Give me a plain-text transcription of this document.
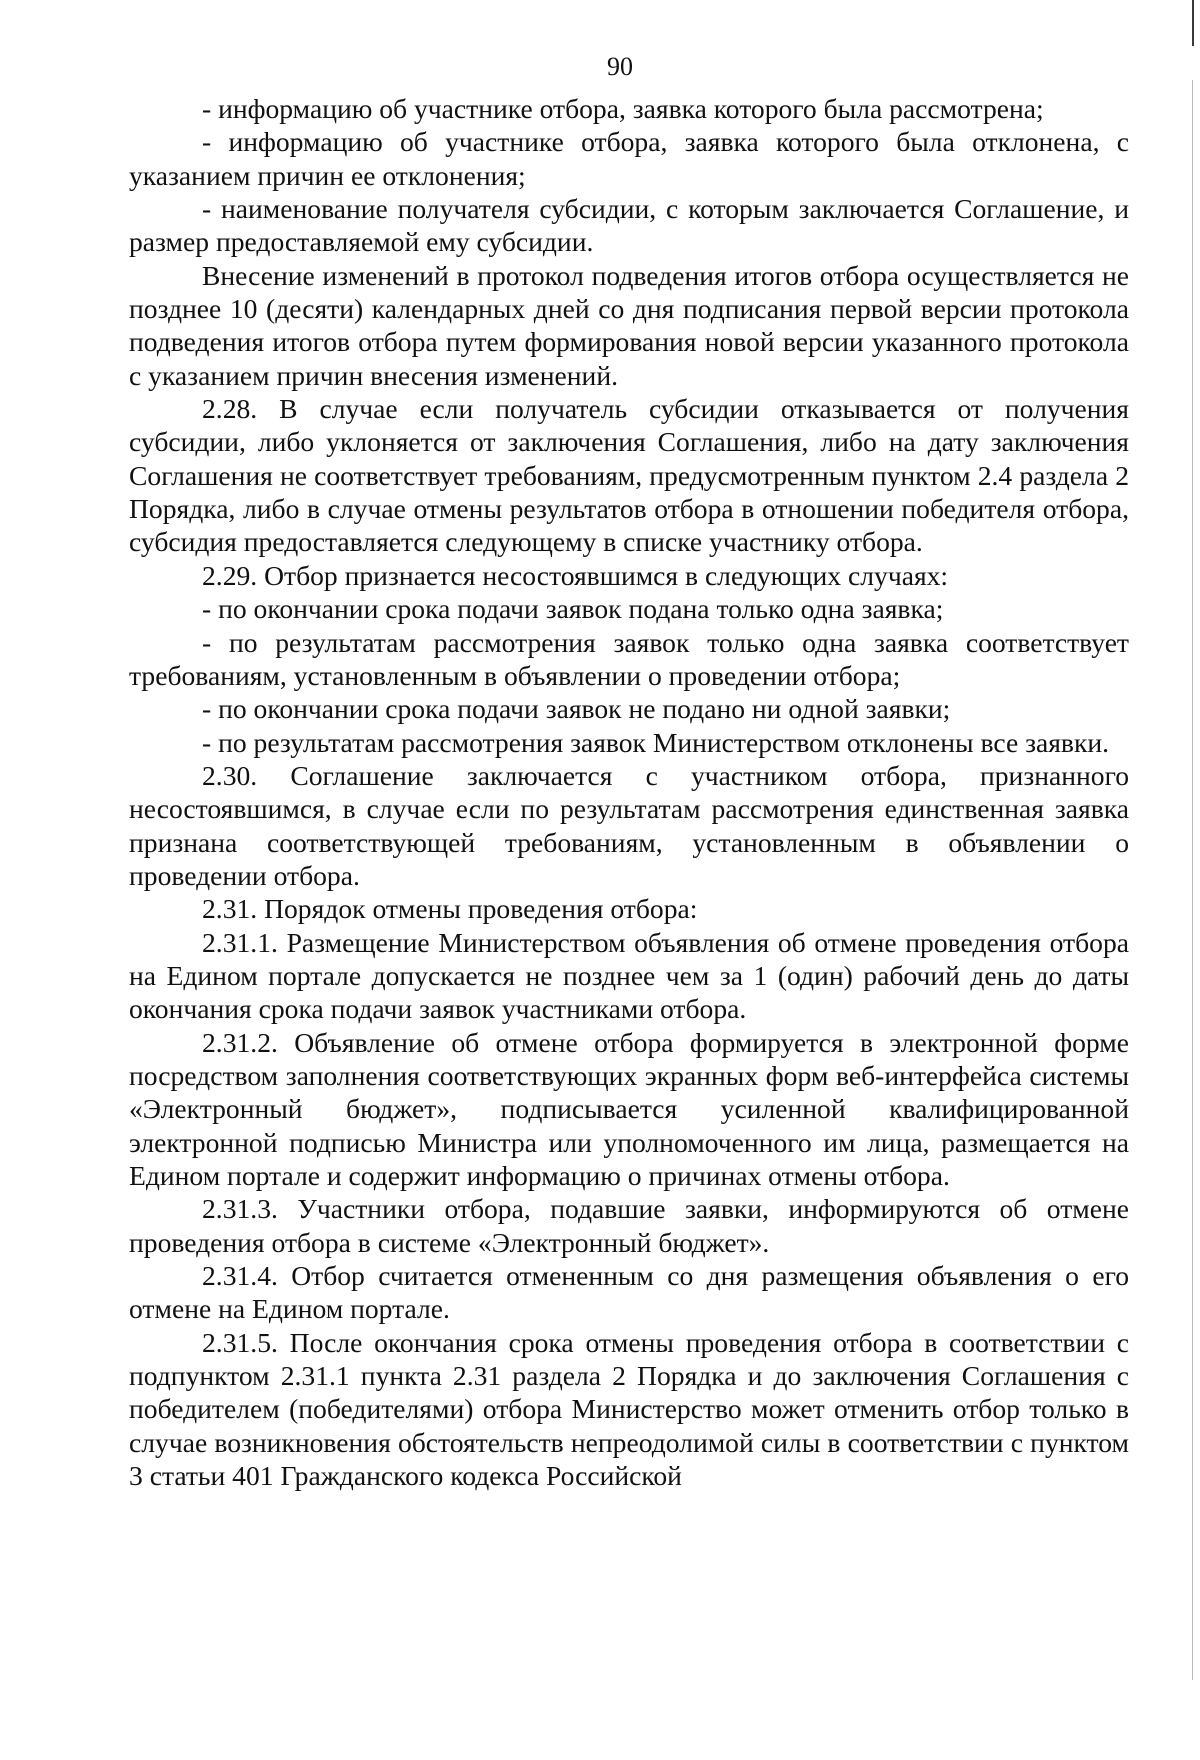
90

- информацию об участнике отбора, заявка которого была рассмотрена;

- информацию об участнике отбора, заявка которого была отклонена, с указанием причин ее отклонения;

- наименование получателя субсидии, с которым заключается Соглашение, и размер предоставляемой ему субсидии.

Внесение изменений в протокол подведения итогов отбора осуществляется не позднее 10 (десяти) календарных дней со дня подписания первой версии протокола подведения итогов отбора путем формирования новой версии указанного протокола с указанием причин внесения изменений.

2.28. В случае если получатель субсидии отказывается от получения субсидии, либо уклоняется от заключения Соглашения, либо на дату заключения Соглашения не соответствует требованиям, предусмотренным пунктом 2.4 раздела 2 Порядка, либо в случае отмены результатов отбора в отношении победителя отбора, субсидия предоставляется следующему в списке участнику отбора.

2.29. Отбор признается несостоявшимся в следующих случаях:

- по окончании срока подачи заявок подана только одна заявка;

- по результатам рассмотрения заявок только одна заявка соответствует требованиям, установленным в объявлении о проведении отбора;

- по окончании срока подачи заявок не подано ни одной заявки;

- по результатам рассмотрения заявок Министерством отклонены все заявки.

2.30. Соглашение заключается с участником отбора, признанного несостоявшимся, в случае если по результатам рассмотрения единственная заявка признана соответствующей требованиям, установленным в объявлении о проведении отбора.

2.31. Порядок отмены проведения отбора:

2.31.1. Размещение Министерством объявления об отмене проведения отбора на Едином портале допускается не позднее чем за 1 (один) рабочий день до даты окончания срока подачи заявок участниками отбора.

2.31.2. Объявление об отмене отбора формируется в электронной форме посредством заполнения соответствующих экранных форм веб-интерфейса системы «Электронный бюджет», подписывается усиленной квалифицированной электронной подписью Министра или уполномоченного им лица, размещается на Едином портале и содержит информацию о причинах отмены отбора.

2.31.3. Участники отбора, подавшие заявки, информируются об отмене проведения отбора в системе «Электронный бюджет».

2.31.4. Отбор считается отмененным со дня размещения объявления о его отмене на Едином портале.

2.31.5. После окончания срока отмены проведения отбора в соответствии с подпунктом 2.31.1 пункта 2.31 раздела 2 Порядка и до заключения Соглашения с победителем (победителями) отбора Министерство может отменить отбор только в случае возникновения обстоятельств непреодолимой силы в соответствии с пунктом 3 статьи 401 Гражданского кодекса Российской
